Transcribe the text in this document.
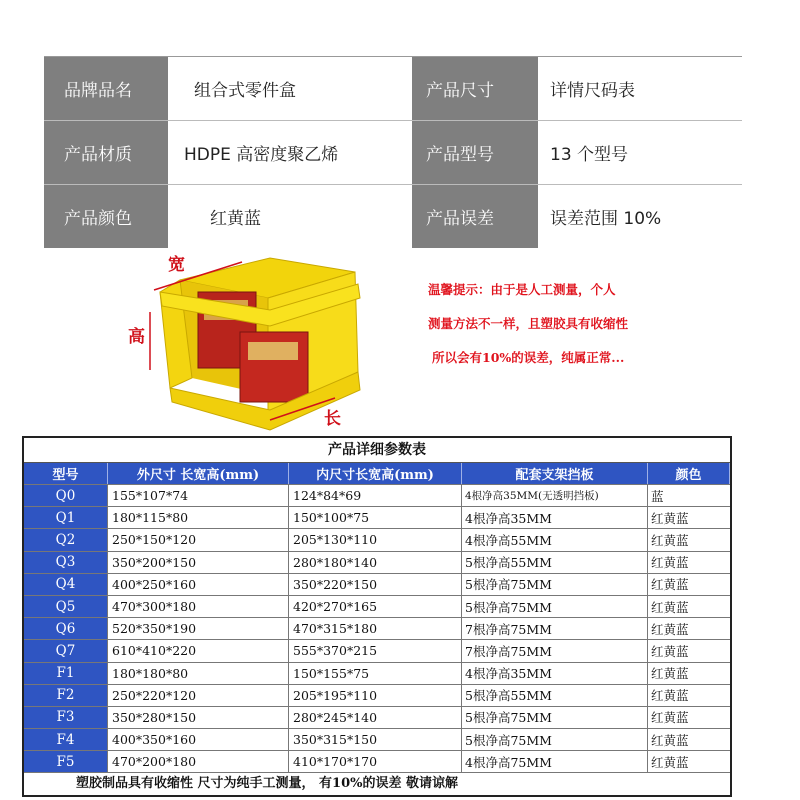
品牌品名	组合式零件盒	产品尺寸	详情尺码表
产品材质	HDPE 高密度聚乙烯	产品型号	13 个型号
产品颜色	红黄蓝	产品误差	误差范围 10%
宽
高
长
温馨提示：由于是人工测量，个人
测量方法不一样，且塑胶具有收缩性
所以会有10%的误差，纯属正常...
产品详细参数表
型号	外尺寸 长宽高(mm)	内尺寸长宽高(mm)	配套支架挡板	颜色
Q0	155*107*74	124*84*69	4根净高35MM(无透明挡板)	蓝
Q1	180*115*80	150*100*75	4根净高35MM	红黄蓝
Q2	250*150*120	205*130*110	4根净高55MM	红黄蓝
Q3	350*200*150	280*180*140	5根净高55MM	红黄蓝
Q4	400*250*160	350*220*150	5根净高75MM	红黄蓝
Q5	470*300*180	420*270*165	5根净高75MM	红黄蓝
Q6	520*350*190	470*315*180	7根净高75MM	红黄蓝
Q7	610*410*220	555*370*215	7根净高75MM	红黄蓝
F1	180*180*80	150*155*75	4根净高35MM	红黄蓝
F2	250*220*120	205*195*110	5根净高55MM	红黄蓝
F3	350*280*150	280*245*140	5根净高75MM	红黄蓝
F4	400*350*160	350*315*150	5根净高75MM	红黄蓝
F5	470*200*180	410*170*170	4根净高75MM	红黄蓝
塑胶制品具有收缩性 尺寸为纯手工测量， 有10%的误差 敬请谅解
